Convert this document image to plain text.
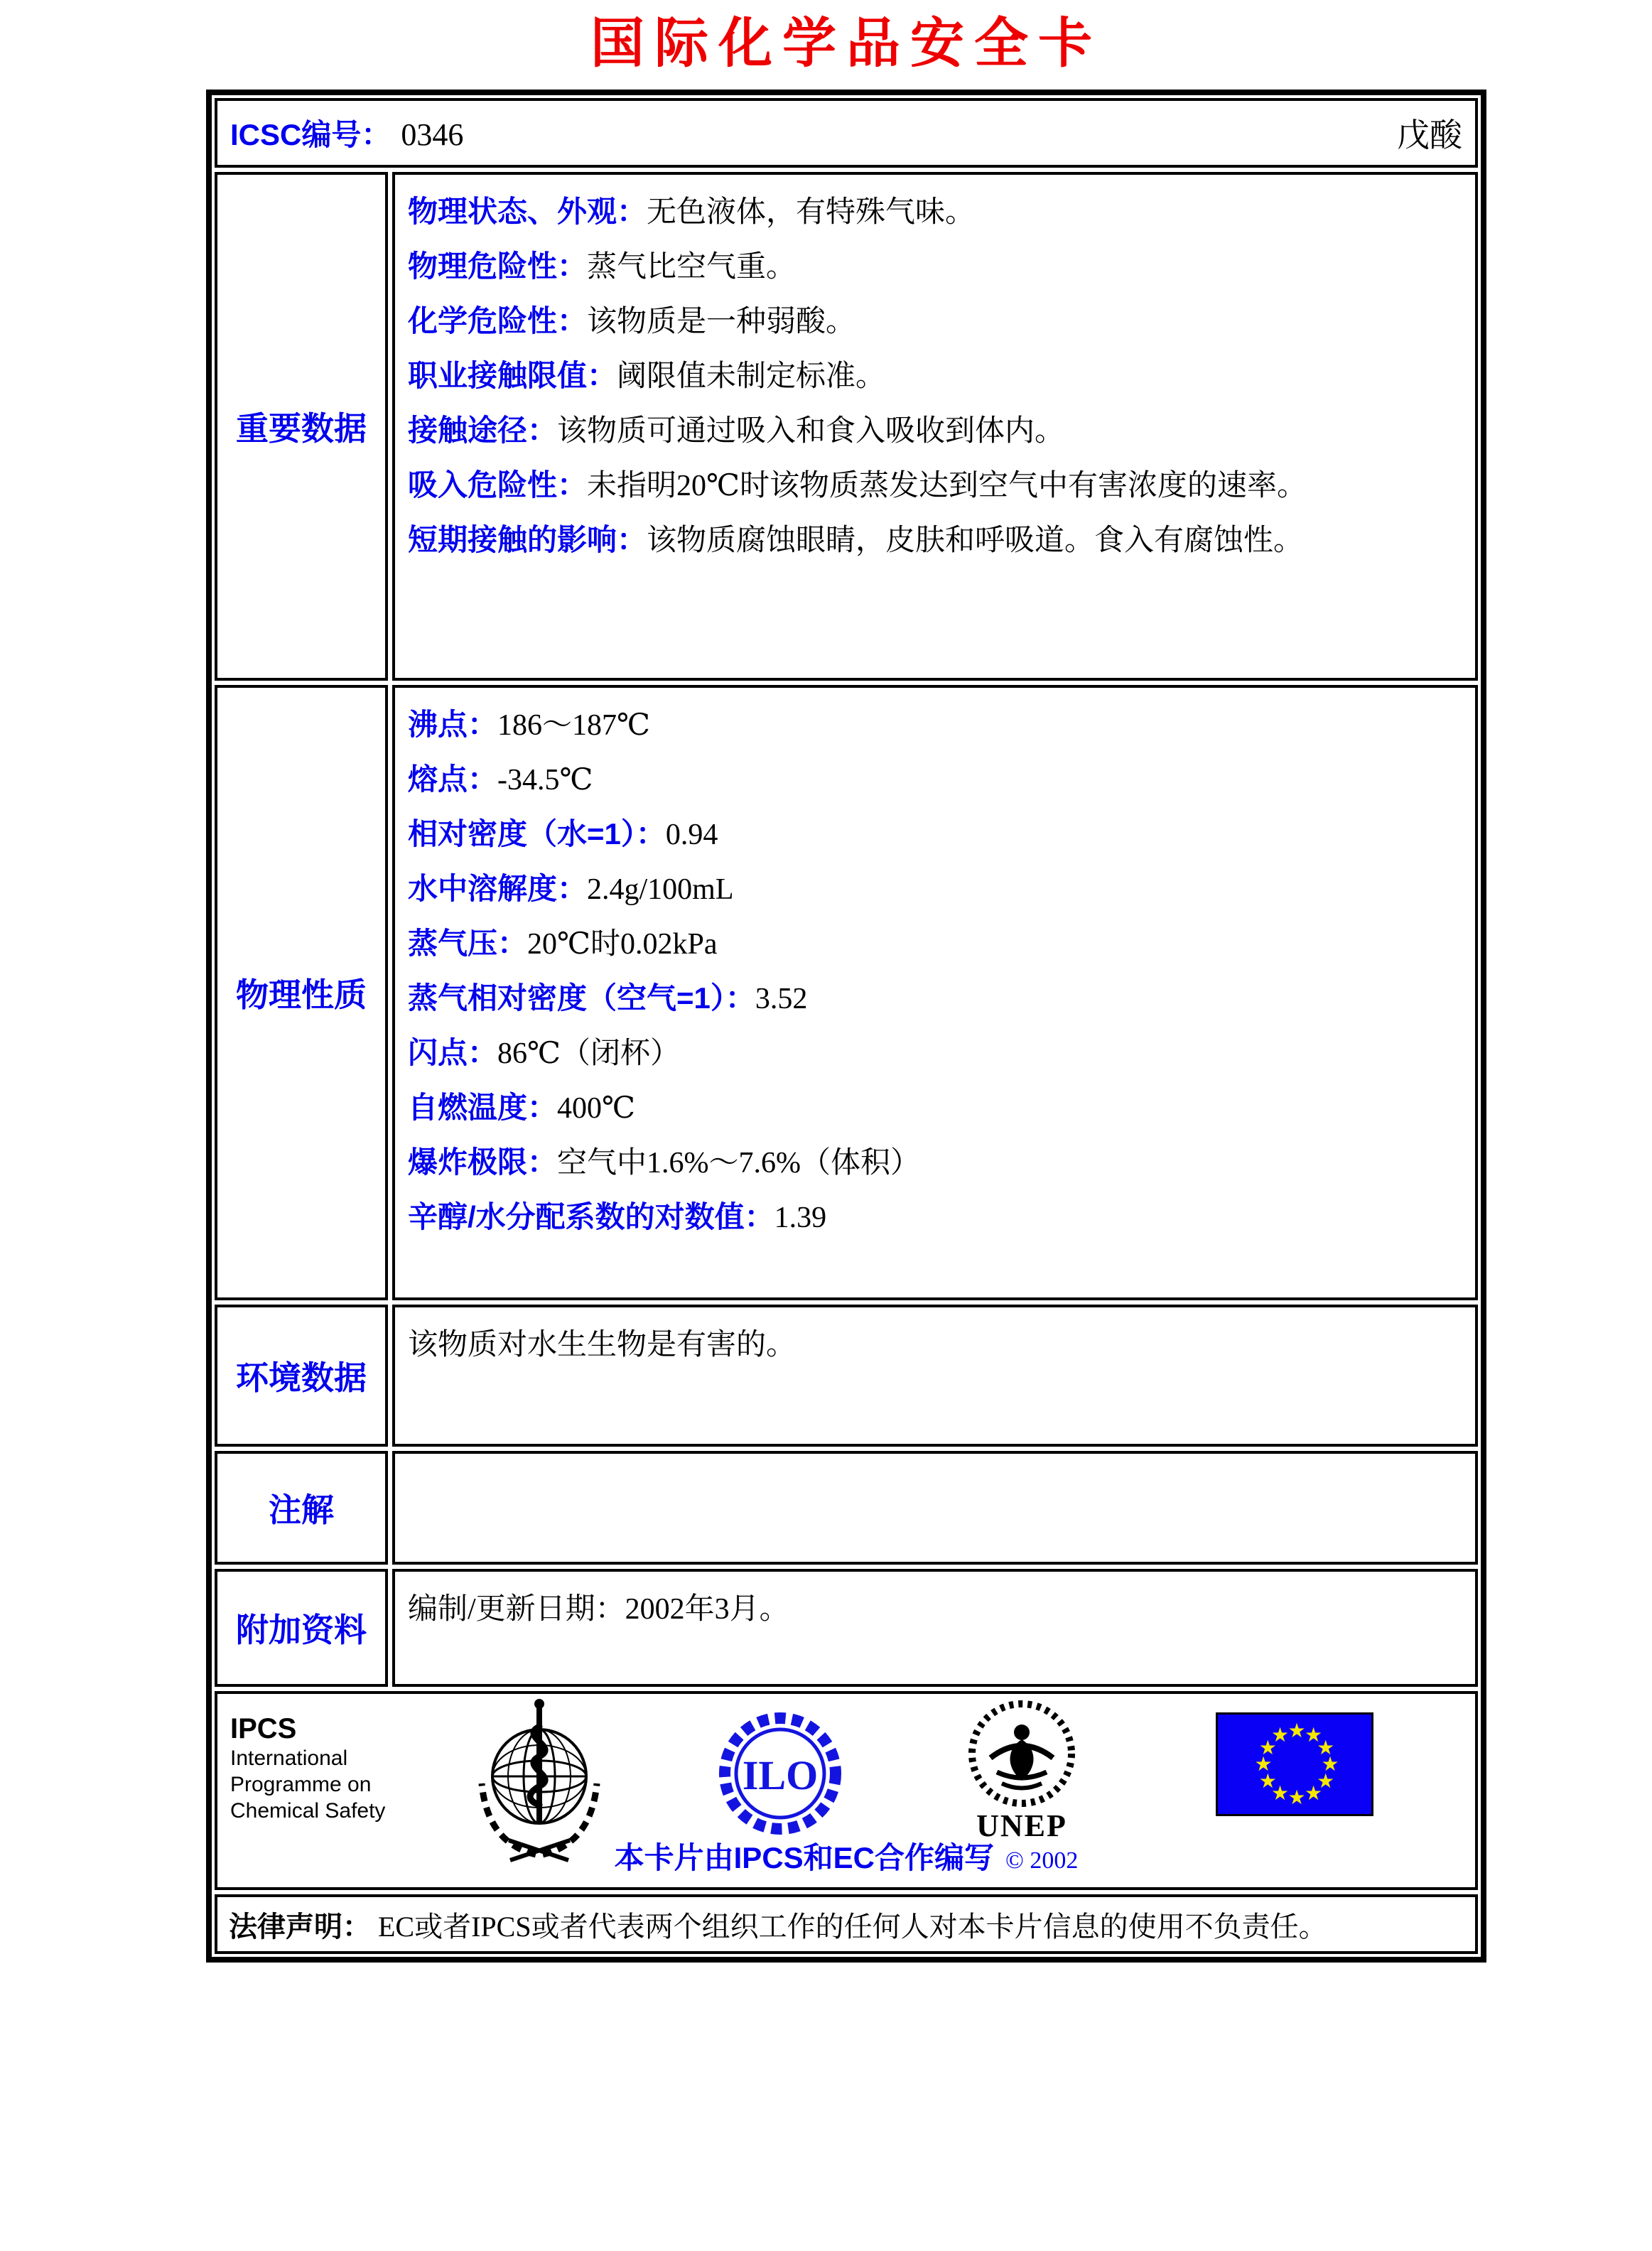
国际化学品安全卡
ICSC编号： 0346	戊酸
重要数据
物理状态、外观：无色液体，有特殊气味。
物理危险性：蒸气比空气重。
化学危险性：该物质是一种弱酸。
职业接触限值：阈限值未制定标准。
接触途径：该物质可通过吸入和食入吸收到体内。
吸入危险性：未指明20℃时该物质蒸发达到空气中有害浓度的速率。
短期接触的影响：该物质腐蚀眼睛，皮肤和呼吸道。食入有腐蚀性。
物理性质
沸点：186～187℃
熔点：-34.5℃
相对密度（水=1）：0.94
水中溶解度：2.4g/100mL
蒸气压：20℃时0.02kPa
蒸气相对密度（空气=1）：3.52
闪点：86℃（闭杯）
自燃温度：400℃
爆炸极限：空气中1.6%～7.6%（体积）
辛醇/水分配系数的对数值：1.39
环境数据
该物质对水生生物是有害的。
注解
附加资料
编制/更新日期：2002年3月。
IPCS
International
Programme on
Chemical Safety
ILO
UNEP
★
★
★
★
★
★
★
★
★
★
★
★
本卡片由IPCS和EC合作编写 © 2002
法律声明： EC或者IPCS或者代表两个组织工作的任何人对本卡片信息的使用不负责任。
